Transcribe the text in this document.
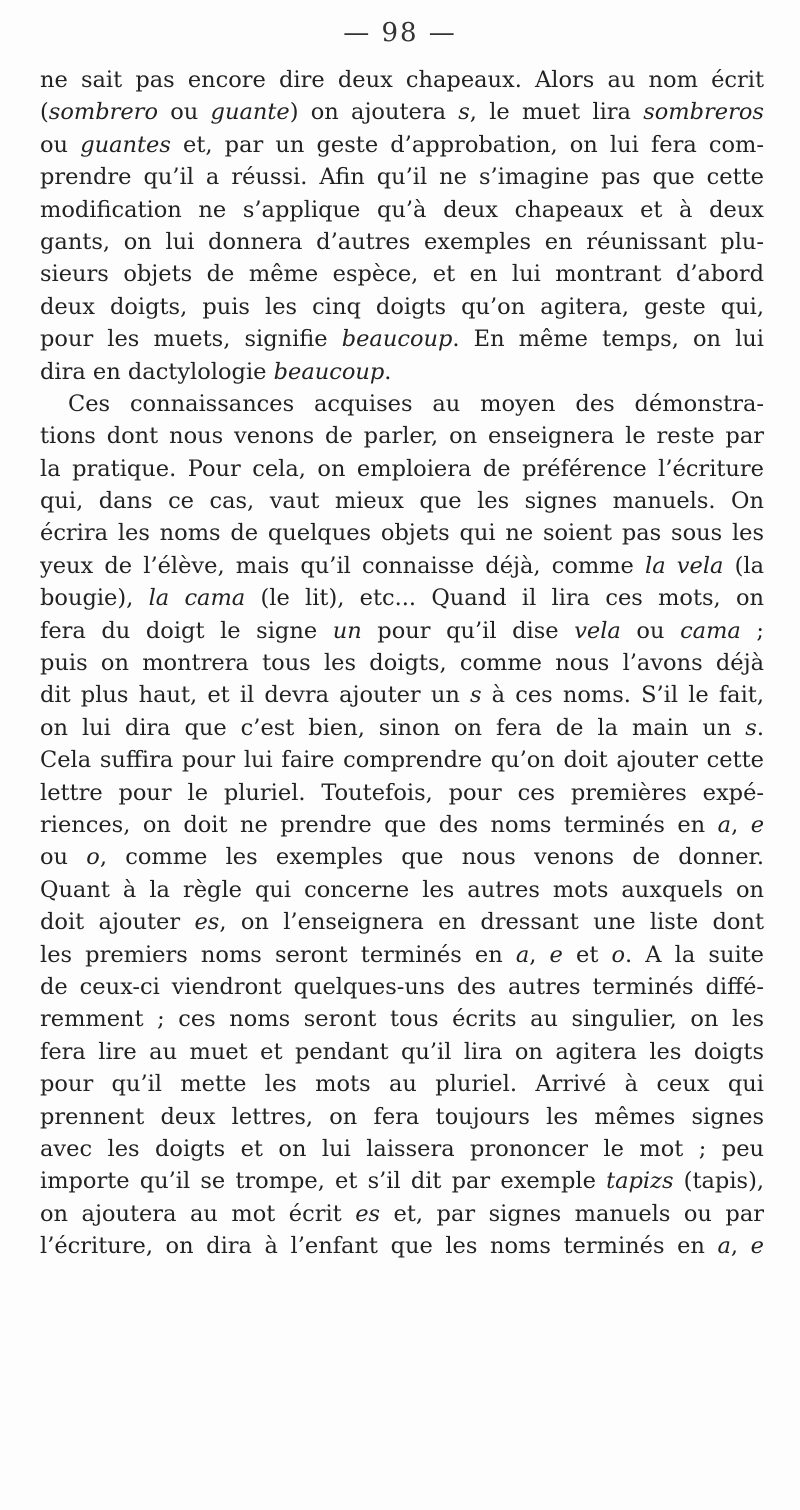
— 98 —
ne sait pas encore dire deux chapeaux. Alors au nom écrit
(sombrero ou guante) on ajoutera s, le muet lira sombreros
ou guantes et, par un geste d’approbation, on lui fera com-
prendre qu’il a réussi. Afin qu’il ne s’imagine pas que cette
modification ne s’applique qu’à deux chapeaux et à deux
gants, on lui donnera d’autres exemples en réunissant plu-
sieurs objets de même espèce, et en lui montrant d’abord
deux doigts, puis les cinq doigts qu’on agitera, geste qui,
pour les muets, signifie beaucoup. En même temps, on lui
dira en dactylologie beaucoup.
Ces connaissances acquises au moyen des démonstra-
tions dont nous venons de parler, on enseignera le reste par
la pratique. Pour cela, on emploiera de préférence l’écriture
qui, dans ce cas, vaut mieux que les signes manuels. On
écrira les noms de quelques objets qui ne soient pas sous les
yeux de l’élève, mais qu’il connaisse déjà, comme la vela (la
bougie), la cama (le lit), etc... Quand il lira ces mots, on
fera du doigt le signe un pour qu’il dise vela ou cama ;
puis on montrera tous les doigts, comme nous l’avons déjà
dit plus haut, et il devra ajouter un s à ces noms. S’il le fait,
on lui dira que c’est bien, sinon on fera de la main un s.
Cela suffira pour lui faire comprendre qu’on doit ajouter cette
lettre pour le pluriel. Toutefois, pour ces premières expé-
riences, on doit ne prendre que des noms terminés en a, e
ou o, comme les exemples que nous venons de donner.
Quant à la règle qui concerne les autres mots auxquels on
doit ajouter es, on l’enseignera en dressant une liste dont
les premiers noms seront terminés en a, e et o. A la suite
de ceux-ci viendront quelques-uns des autres terminés diffé-
remment ; ces noms seront tous écrits au singulier, on les
fera lire au muet et pendant qu’il lira on agitera les doigts
pour qu’il mette les mots au pluriel. Arrivé à ceux qui
prennent deux lettres, on fera toujours les mêmes signes
avec les doigts et on lui laissera prononcer le mot ; peu
importe qu’il se trompe, et s’il dit par exemple tapizs (tapis),
on ajoutera au mot écrit es et, par signes manuels ou par
l’écriture, on dira à l’enfant que les noms terminés en a, e
